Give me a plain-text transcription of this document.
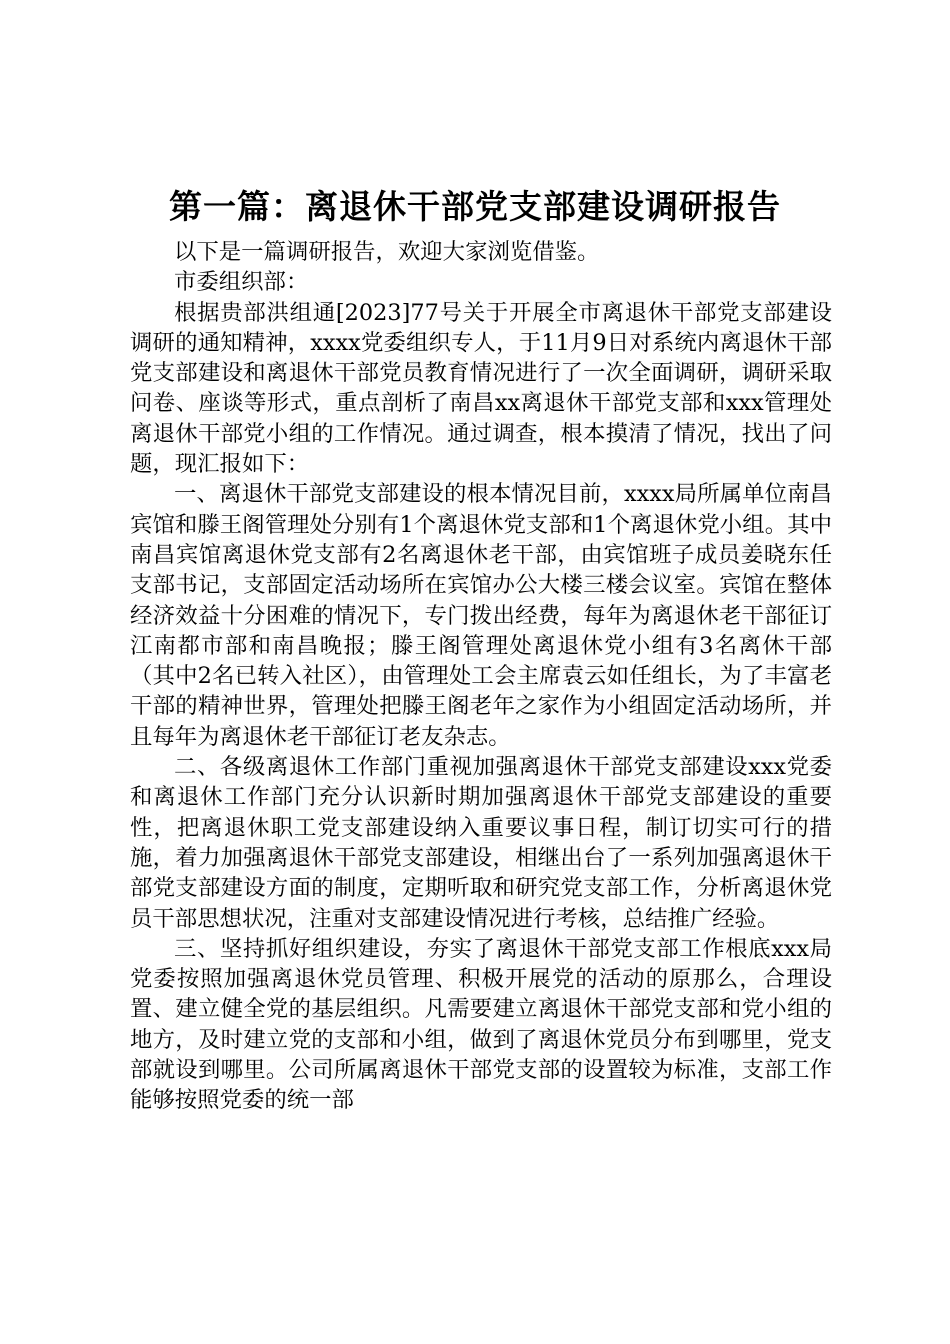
第一篇：离退休干部党支部建设调研报告

以下是一篇调研报告，欢迎大家浏览借鉴。

市委组织部：

根据贵部洪组通[2023]77号关于开展全市离退休干部党支部建设调研的通知精神，xxxx党委组织专人，于11月9日对系统内离退休干部党支部建设和离退休干部党员教育情况进行了一次全面调研，调研采取问卷、座谈等形式，重点剖析了南昌xx离退休干部党支部和xxx管理处离退休干部党小组的工作情况。通过调查，根本摸清了情况，找出了问题，现汇报如下：

一、离退休干部党支部建设的根本情况目前，xxxx局所属单位南昌宾馆和滕王阁管理处分别有1个离退休党支部和1个离退休党小组。其中南昌宾馆离退休党支部有2名离退休老干部，由宾馆班子成员姜晓东任支部书记，支部固定活动场所在宾馆办公大楼三楼会议室。宾馆在整体经济效益十分困难的情况下，专门拨出经费，每年为离退休老干部征订江南都市部和南昌晚报；滕王阁管理处离退休党小组有3名离休干部（其中2名已转入社区），由管理处工会主席袁云如任组长，为了丰富老干部的精神世界，管理处把滕王阁老年之家作为小组固定活动场所，并且每年为离退休老干部征订老友杂志。

二、各级离退休工作部门重视加强离退休干部党支部建设xxx党委和离退休工作部门充分认识新时期加强离退休干部党支部建设的重要性，把离退休职工党支部建设纳入重要议事日程，制订切实可行的措施，着力加强离退休干部党支部建设，相继出台了一系列加强离退休干部党支部建设方面的制度，定期听取和研究党支部工作，分析离退休党员干部思想状况，注重对支部建设情况进行考核，总结推广经验。

三、坚持抓好组织建设，夯实了离退休干部党支部工作根底xxx局党委按照加强离退休党员管理、积极开展党的活动的原那么，合理设置、建立健全党的基层组织。凡需要建立离退休干部党支部和党小组的地方，及时建立党的支部和小组，做到了离退休党员分布到哪里，党支部就设到哪里。公司所属离退休干部党支部的设置较为标准，支部工作能够按照党委的统一部
